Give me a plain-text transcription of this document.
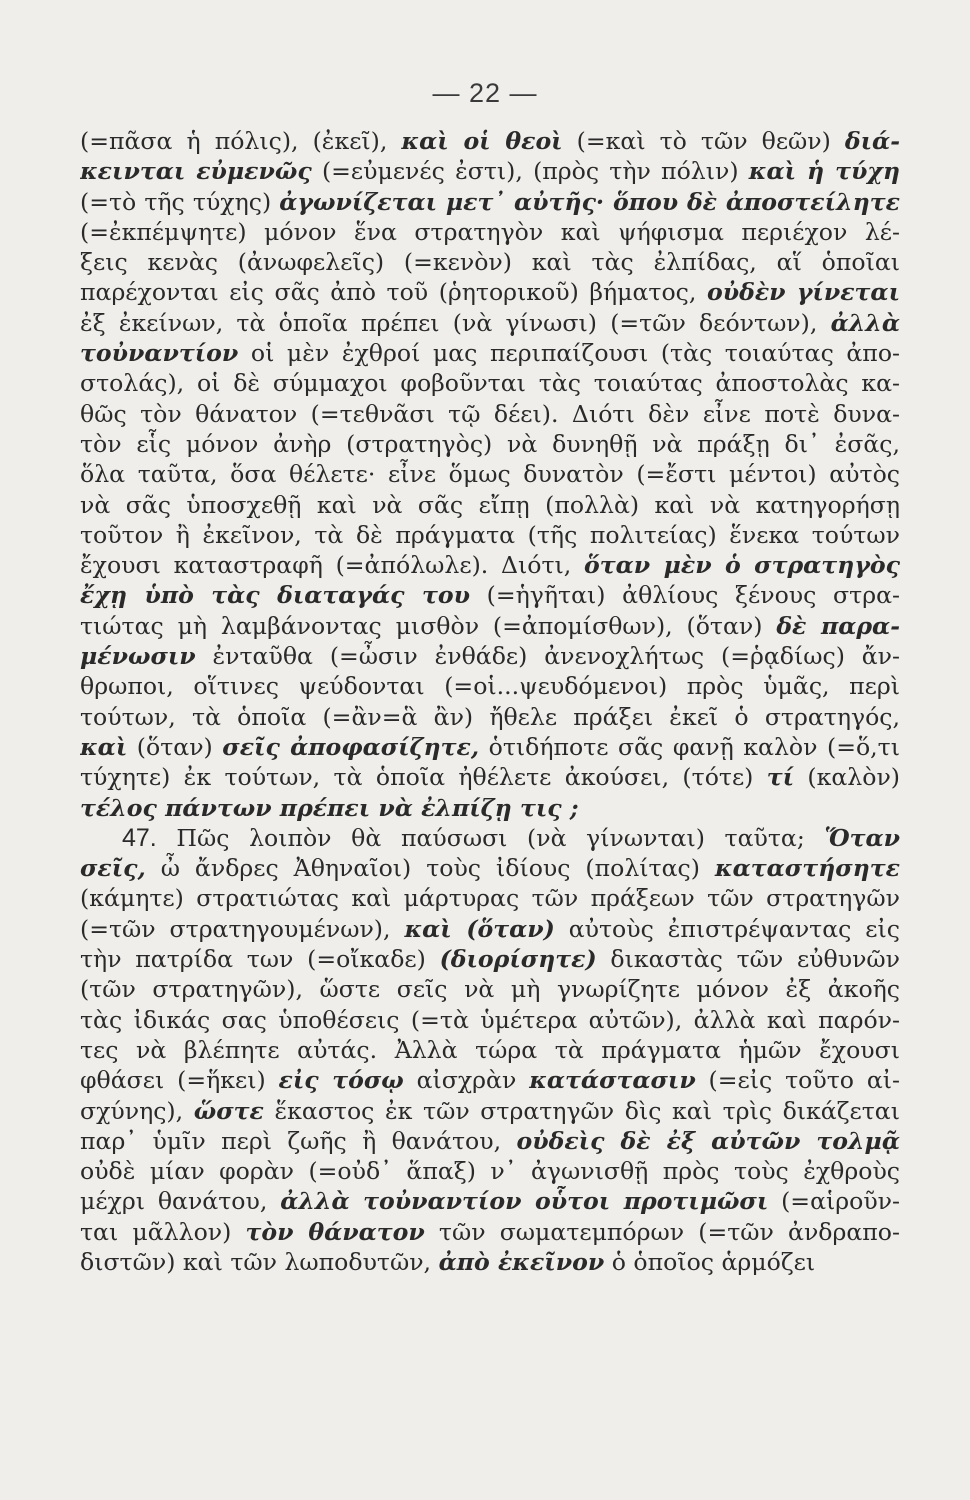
— 22 —
(=πᾶσα ἡ πόλις), (ἐκεῖ), καὶ οἱ θεοὶ (=καὶ τὸ τῶν θεῶν) διά-
κεινται εὐμενῶς (=εὐμενές ἐστι), (πρὸς τὴν πόλιν) καὶ ἡ τύχη
(=τὸ τῆς τύχης) ἀγωνίζεται μετ᾽ αὐτῆς· ὅπου δὲ ἀποστείλητε
(=ἐκπέμψητε) μόνον ἕνα στρατηγὸν καὶ ψήφισμα περιέχον λέ-
ξεις κενὰς (ἀνωφελεῖς) (=κενὸν) καὶ τὰς ἐλπίδας, αἵ ὁποῖαι
παρέχονται εἰς σᾶς ἀπὸ τοῦ (ῥητορικοῦ) βήματος, οὐδὲν γίνεται
ἐξ ἐκείνων, τὰ ὁποῖα πρέπει (νὰ γίνωσι) (=τῶν δεόντων), ἀλλὰ
τοὐναντίον οἱ μὲν ἐχθροί μας περιπαίζουσι (τὰς τοιαύτας ἀπο-
στολάς), οἱ δὲ σύμμαχοι φοβοῦνται τὰς τοιαύτας ἀποστολὰς κα-
θῶς τὸν θάνατον (=τεθνᾶσι τῷ δέει). Διότι δὲν εἶνε ποτὲ δυνα-
τὸν εἷς μόνον ἀνὴρ (στρατηγὸς) νὰ δυνηθῇ νὰ πράξῃ δι᾽ ἐσᾶς,
ὅλα ταῦτα, ὅσα θέλετε· εἶνε ὅμως δυνατὸν (=ἔστι μέντοι) αὐτὸς
νὰ σᾶς ὑποσχεθῇ καὶ νὰ σᾶς εἴπῃ (πολλὰ) καὶ νὰ κατηγορήσῃ
τοῦτον ἢ ἐκεῖνον, τὰ δὲ πράγματα (τῆς πολιτείας) ἕνεκα τούτων
ἔχουσι καταστραφῆ (=ἀπόλωλε). Διότι, ὅταν μὲν ὁ στρατηγὸς
ἔχῃ ὑπὸ τὰς διαταγάς του (=ἡγῆται) ἀθλίους ξένους στρα-
τιώτας μὴ λαμβάνοντας μισθὸν (=ἀπομίσθων), (ὅταν) δὲ παρα-
μένωσιν ἐνταῦθα (=ὦσιν ἐνθάδε) ἀνενοχλήτως (=ῥᾳδίως) ἄν-
θρωποι, οἵτινες ψεύδονται (=οἱ...ψευδόμενοι) πρὸς ὑμᾶς, περὶ
τούτων, τὰ ὁποῖα (=ἂν=ἃ ἂν) ἤθελε πράξει ἐκεῖ ὁ στρατηγός,
καὶ (ὅταν) σεῖς ἀποφασίζητε, ὁτιδήποτε σᾶς φανῇ καλὸν (=ὅ,τι
τύχητε) ἐκ τούτων, τὰ ὁποῖα ἠθέλετε ἀκούσει, (τότε) τί (καλὸν)
τέλος πάντων πρέπει νὰ ἐλπίζῃ τις ;
47. Πῶς λοιπὸν θὰ παύσωσι (νὰ γίνωνται) ταῦτα; Ὅταν
σεῖς, ὦ ἄνδρες Ἀθηναῖοι) τοὺς ἰδίους (πολίτας) καταστήσητε
(κάμητε) στρατιώτας καὶ μάρτυρας τῶν πράξεων τῶν στρατηγῶν
(=τῶν στρατηγουμένων), καὶ (ὅταν) αὐτοὺς ἐπιστρέψαντας εἰς
τὴν πατρίδα των (=οἴκαδε) (διορίσητε) δικαστὰς τῶν εὐθυνῶν
(τῶν στρατηγῶν), ὥστε σεῖς νὰ μὴ γνωρίζητε μόνον ἐξ ἀκοῆς
τὰς ἰδικάς σας ὑποθέσεις (=τὰ ὑμέτερα αὐτῶν), ἀλλὰ καὶ παρόν-
τες νὰ βλέπητε αὐτάς. Ἀλλὰ τώρα τὰ πράγματα ἡμῶν ἔχουσι
φθάσει (=ἥκει) εἰς τόσῳ αἰσχρὰν κατάστασιν (=εἰς τοῦτο αἰ-
σχύνης), ὥστε ἕκαστος ἐκ τῶν στρατηγῶν δὶς καὶ τρὶς δικάζεται
παρ᾽ ὑμῖν περὶ ζωῆς ἢ θανάτου, οὐδεὶς δὲ ἐξ αὐτῶν τολμᾷ
οὐδὲ μίαν φορὰν (=οὐδ᾽ ἅπαξ) ν᾽ ἀγωνισθῇ πρὸς τοὺς ἐχθροὺς
μέχρι θανάτου, ἀλλὰ τοὐναντίον οὗτοι προτιμῶσι (=αἱροῦν-
ται μᾶλλον) τὸν θάνατον τῶν σωματεμπόρων (=τῶν ἀνδραπο-
διστῶν) καὶ τῶν λωποδυτῶν, ἀπὸ ἐκεῖνον ὁ ὁποῖος ἁρμόζει
